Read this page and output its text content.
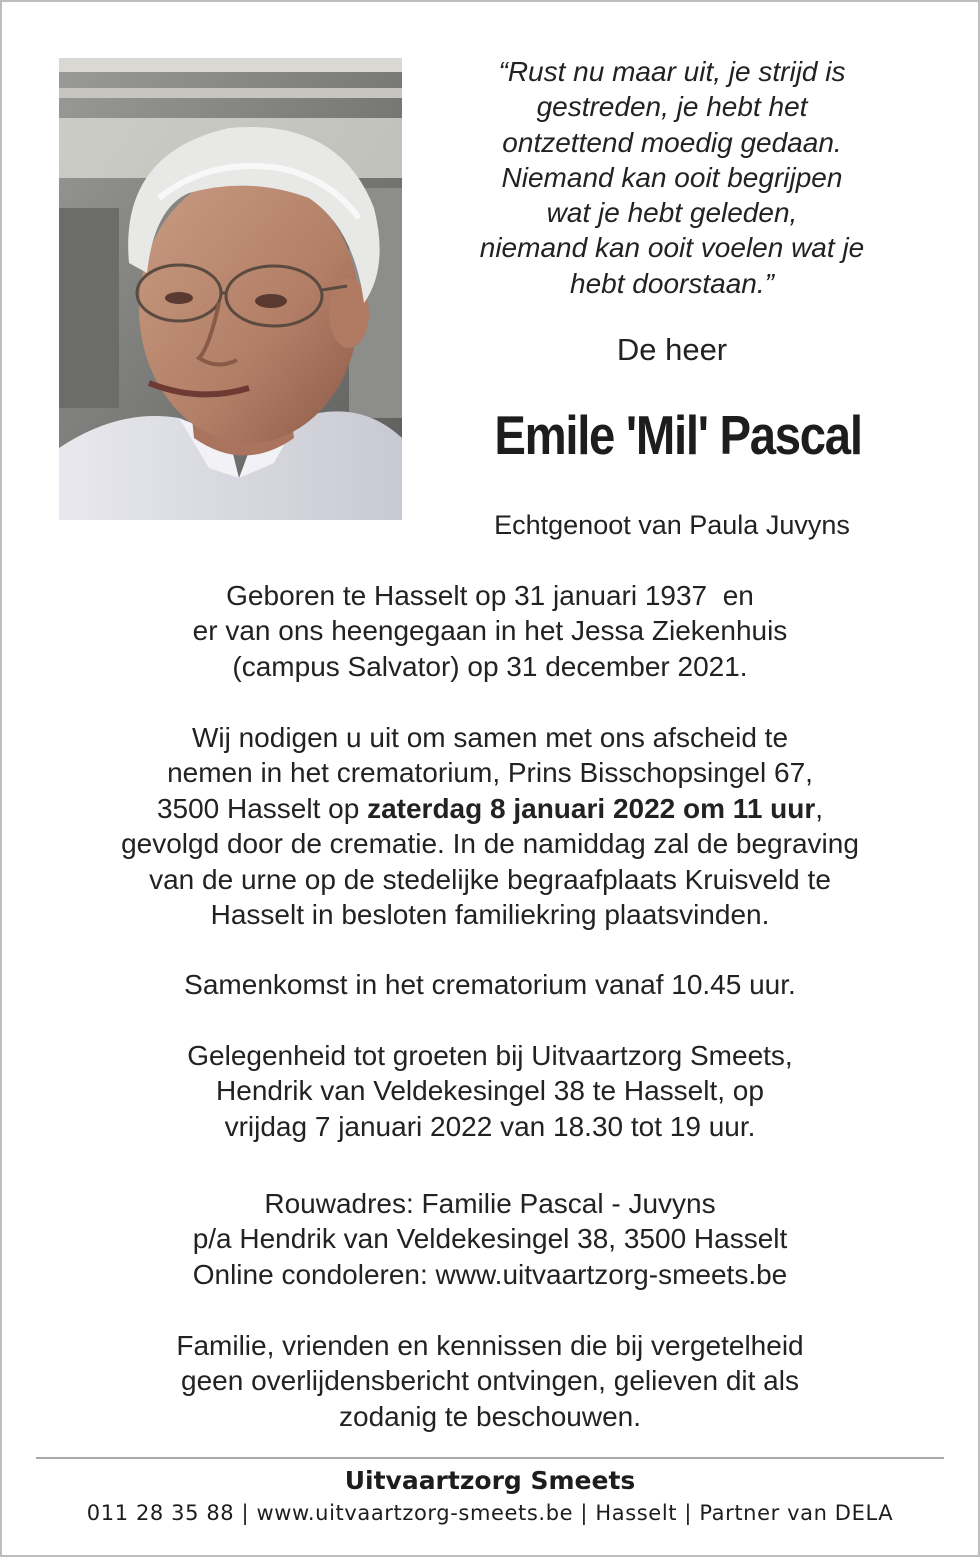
“Rust nu maar uit, je strijd is
gestreden, je hebt het
ontzettend moedig gedaan.
Niemand kan ooit begrijpen
wat je hebt geleden,
niemand kan ooit voelen wat je
hebt doorstaan.”
De heer
Emile 'Mil' Pascal
Echtgenoot van Paula Juvyns

Geboren te Hasselt op 31 januari 1937  en

er van ons heengegaan in het Jessa Ziekenhuis

(campus Salvator) op 31 december 2021.

Wij nodigen u uit om samen met ons afscheid te

nemen in het crematorium, Prins Bisschopsingel 67,

3500 Hasselt op zaterdag 8 januari 2022 om 11 uur,

gevolgd door de crematie. In de namiddag zal de begraving

van de urne op de stedelijke begraafplaats Kruisveld te

Hasselt in besloten familiekring plaatsvinden.

Samenkomst in het crematorium vanaf 10.45 uur.

Gelegenheid tot groeten bij Uitvaartzorg Smeets,

Hendrik van Veldekesingel 38 te Hasselt, op

vrijdag 7 januari 2022 van 18.30 tot 19 uur.

Rouwadres: Familie Pascal - Juvyns

p/a Hendrik van Veldekesingel 38, 3500 Hasselt

Online condoleren: www.uitvaartzorg-smeets.be

Familie, vrienden en kennissen die bij vergetelheid

geen overlijdensbericht ontvingen, gelieven dit als

zodanig te beschouwen.

Uitvaartzorg Smeets
011 28 35 88 | www.uitvaartzorg-smeets.be | Hasselt | Partner van DELA
